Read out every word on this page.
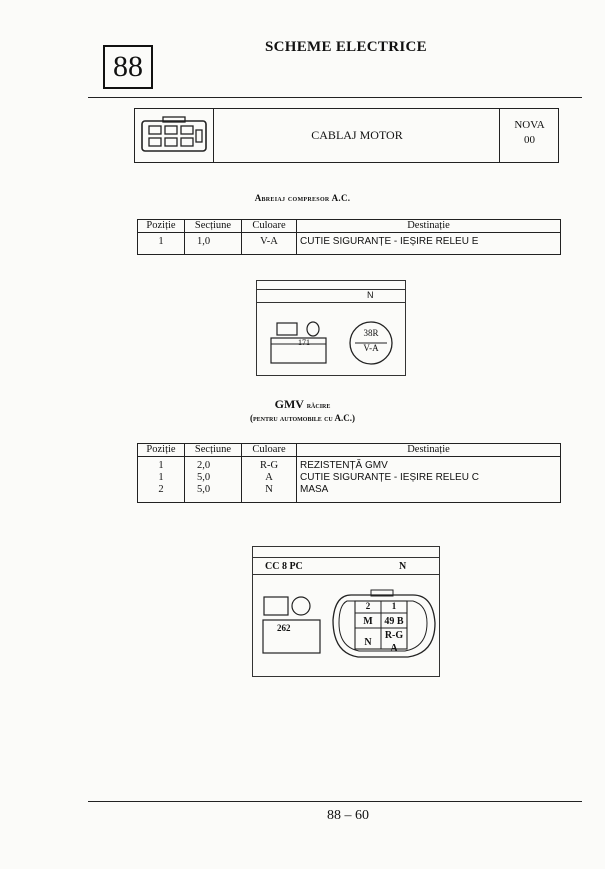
88
SCHEME ELECTRICE
CABLAJ MOTOR
NOVA
00
Abreiaj compresor A.C.
Poziție	Secțiune	Culoare	Destinație
1	1,0	V-A	CUTIE SIGURANȚE - IEȘIRE RELEU E
N
171
38R
V-A
GMV răcire
(pentru automobile cu A.C.)
Poziție	Secțiune	Culoare	Destinație
1	2,0	R-G	REZISTENȚĂ GMV
1	5,0	A	CUTIE SIGURANȚE - IEȘIRE RELEU C
2	5,0	N	MASA
CC 8 PC	N
262
2	1
M	49 B
N
R-G
A
88 – 60
